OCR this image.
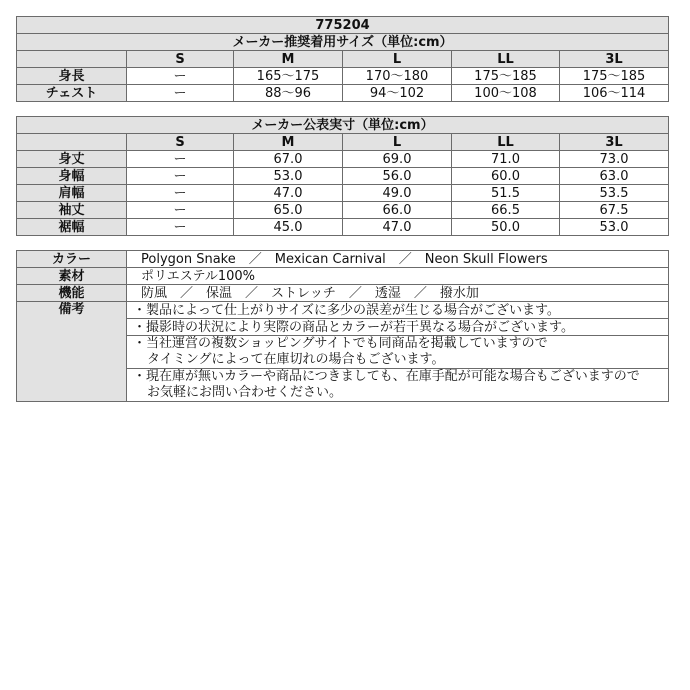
775204					
メーカー推奨着用サイズ（単位:cm）					
	S	M	L	LL	3L
身長	ー	165〜175	170〜180	175〜185	175〜185
チェスト	ー	88〜96	94〜102	100〜108	106〜114
メーカー公表実寸（単位:cm）					
	S	M	L	LL	3L
身丈	ー	67.0	69.0	71.0	73.0
身幅	ー	53.0	56.0	60.0	63.0
肩幅	ー	47.0	49.0	51.5	53.5
袖丈	ー	65.0	66.0	66.5	67.5
裾幅	ー	45.0	47.0	50.0	53.0
カラー	Polygon Snake　／　Mexican Carnival　／　Neon Skull Flowers
素材	ポリエステル100%
機能	防風　／　保温　／　ストレッチ　／　透湿　／　撥水加
備考	・製品によって仕上がりサイズに多少の誤差が生じる場合がございます。
	・撮影時の状況により実際の商品とカラーが若干異なる場合がございます。

	・当社運営の複数ショッピングサイトでも同商品を掲載していますので
タイミングによって在庫切れの場合もございます。

	・現在庫が無いカラーや商品につきましても、在庫手配が可能な場合もございますので
お気軽にお問い合わせください。
